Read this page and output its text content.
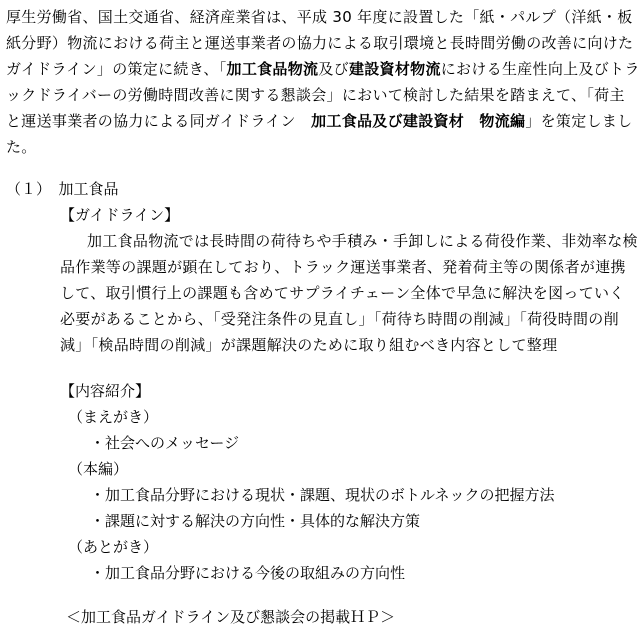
厚生労働省、国土交通省、経済産業省は、平成 30 年度に設置した「紙・パルプ（洋紙・板
紙分野）物流における荷主と運送事業者の協力による取引環境と長時間労働の改善に向けた
ガイドライン」の策定に続き、「加工食品物流及び建設資材物流における生産性向上及びトラ
ックドライバーの労働時間改善に関する懇談会」において検討した結果を踏まえて、「荷主
と運送事業者の協力による同ガイドライン　加工食品及び建設資材　物流編」を策定しまし
た。
（１）　加工食品
【ガイドライン】
加工食品物流では長時間の荷待ちや手積み・手卸しによる荷役作業、非効率な検
品作業等の課題が顕在しており、トラック運送事業者、発着荷主等の関係者が連携
して、取引慣行上の課題も含めてサプライチェーン全体で早急に解決を図っていく
必要があることから、「受発注条件の見直し」「荷待ち時間の削減」「荷役時間の削
減」「検品時間の削減」が課題解決のために取り組むべき内容として整理
【内容紹介】
（まえがき）
・社会へのメッセージ
（本編）
・加工食品分野における現状・課題、現状のボトルネックの把握方法
・課題に対する解決の方向性・具体的な解決方策
（あとがき）
・加工食品分野における今後の取組みの方向性
＜加工食品ガイドライン及び懇談会の掲載ＨＰ＞
